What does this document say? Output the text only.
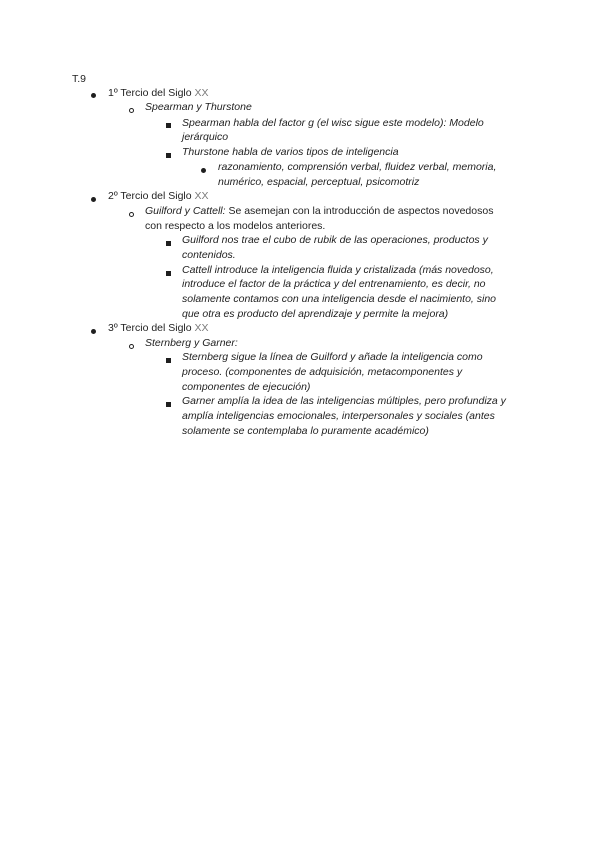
T.9
1º Tercio del Siglo XX
Spearman y Thurstone
Spearman habla del factor g (el wisc sigue este modelo): Modelo
jerárquico
Thurstone habla de varios tipos de inteligencia
razonamiento, comprensión verbal, fluidez verbal, memoria,
numérico, espacial, perceptual, psicomotriz
2º Tercio del Siglo XX
Guilford y Cattell: Se asemejan con la introducción de aspectos novedosos
con respecto a los modelos anteriores.
Guilford nos trae el cubo de rubik de las operaciones, productos y
contenidos.
Cattell introduce la inteligencia fluida y cristalizada (más novedoso,
introduce el factor de la práctica y del entrenamiento, es decir, no
solamente contamos con una inteligencia desde el nacimiento, sino
que otra es producto del aprendizaje y permite la mejora)
3º Tercio del Siglo XX
Sternberg y Garner:
Sternberg sigue la línea de Guilford y añade la inteligencia como
proceso. (componentes de adquisición, metacomponentes y
componentes de ejecución)
Garner amplía la idea de las inteligencias múltiples, pero profundiza y
amplía inteligencias emocionales, interpersonales y sociales (antes
solamente se contemplaba lo puramente académico)
